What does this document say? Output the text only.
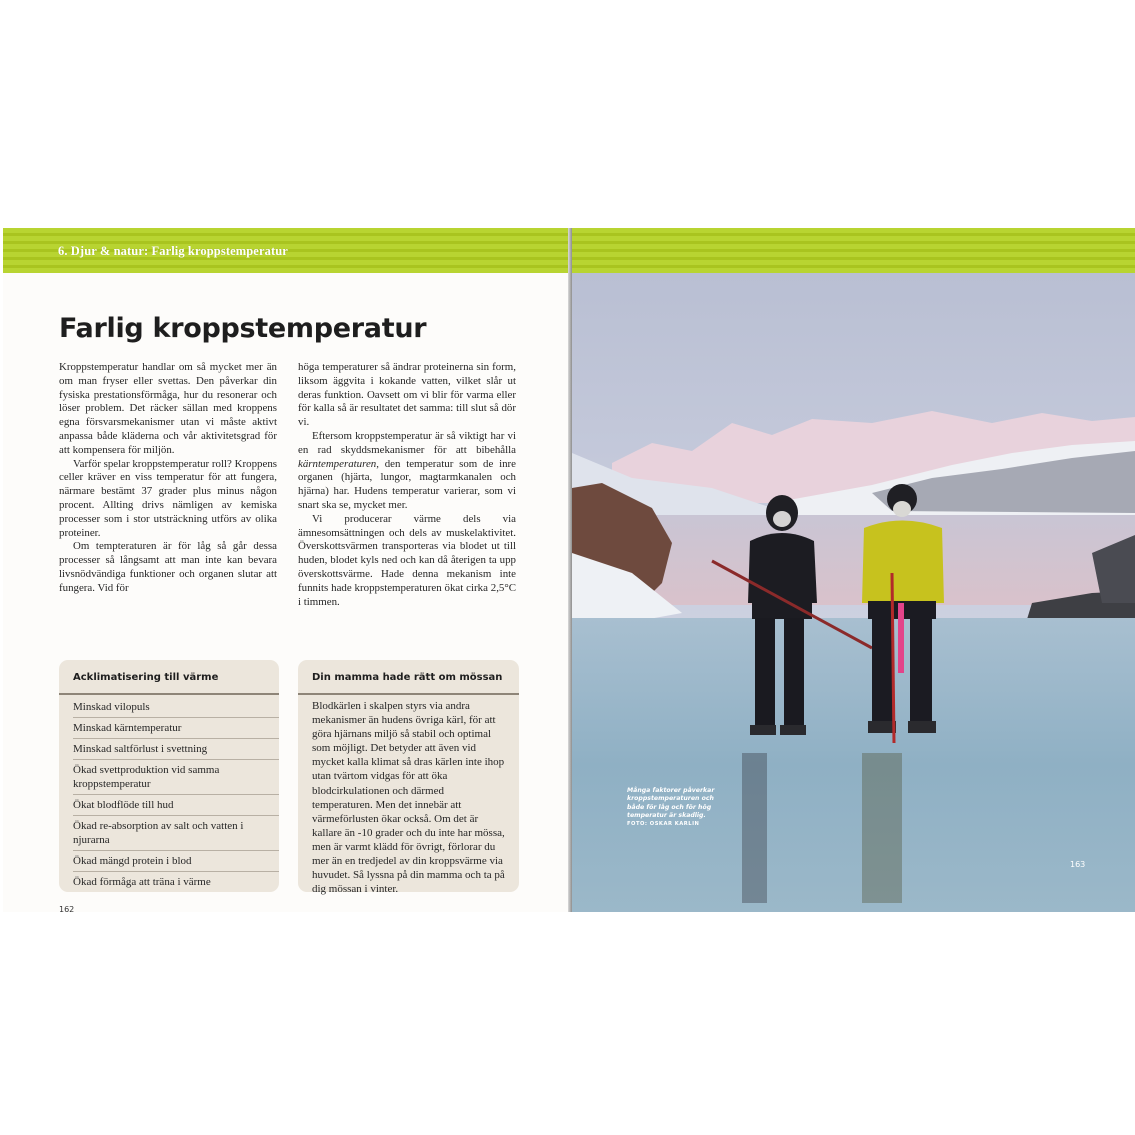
6. Djur & natur: Farlig kroppstemperatur
Farlig kroppstemperatur

Kroppstemperatur handlar om så mycket mer än om man fryser eller svettas. Den påverkar din fysiska prestationsförmåga, hur du resonerar och löser problem. Det räcker sällan med kroppens egna försvarsmekanismer utan vi måste aktivt anpassa både kläderna och vår aktivitetsgrad för att kompensera för miljön.

Varför spelar kroppstemperatur roll? Kroppens celler kräver en viss temperatur för att fungera, närmare bestämt 37 grader plus minus någon procent. Allting drivs nämligen av kemiska processer som i stor utsträckning utförs av olika proteiner.

Om tempteraturen är för låg så går dessa processer så långsamt att man inte kan bevara livsnödvändiga funktioner och organen slutar att fungera. Vid för

höga temperaturer så ändrar proteinerna sin form, liksom äggvita i kokande vatten, vilket slår ut deras funktion. Oavsett om vi blir för varma eller för kalla så är resultatet det samma: till slut så dör vi.

Eftersom kroppstemperatur är så viktigt har vi en rad skyddsmekanismer för att bibehålla kärntemperaturen, den temperatur som de inre organen (hjärta, lungor, magtarmkanalen och hjärna) har. Hudens temperatur varierar, som vi snart ska se, mycket mer.

Vi producerar värme dels via ämnesomsättningen och dels av muskelaktivitet. Överskottsvärmen transporteras via blodet ut till huden, blodet kyls ned och kan då återigen ta upp överskottsvärme. Hade denna mekanism inte funnits hade kroppstemperaturen ökat cirka 2,5°C i timmen.

Acklimatisering till värme
Minskad vilopuls
Minskad kärntemperatur
Minskad saltförlust i svettning
Ökad svettproduktion vid samma kroppstemperatur
Ökat blodflöde till hud
Ökad re-absorption av salt och vatten i njurarna
Ökad mängd protein i blod
Ökad förmåga att träna i värme
Din mamma hade rätt om mössan
Blodkärlen i skalpen styrs via andra mekanismer än hudens övriga kärl, för att göra hjärnans miljö så stabil och optimal som möjligt. Det betyder att även vid mycket kalla klimat så dras kärlen inte ihop utan tvärtom vidgas för att öka blodcirkulationen och därmed temperaturen. Men det innebär att värmeförlusten ökar också. Om det är kallare än -10 grader och du inte har mössa, men är varmt klädd för övrigt, förlorar du mer än en tredjedel av din kroppsvärme via huvudet. Så lyssna på din mamma och ta på dig mössan i vinter.
162
Många faktorer påverkar kroppstemperaturen och både för låg och för hög temperatur är skadlig.
FOTO: OSKAR KARLIN
163
